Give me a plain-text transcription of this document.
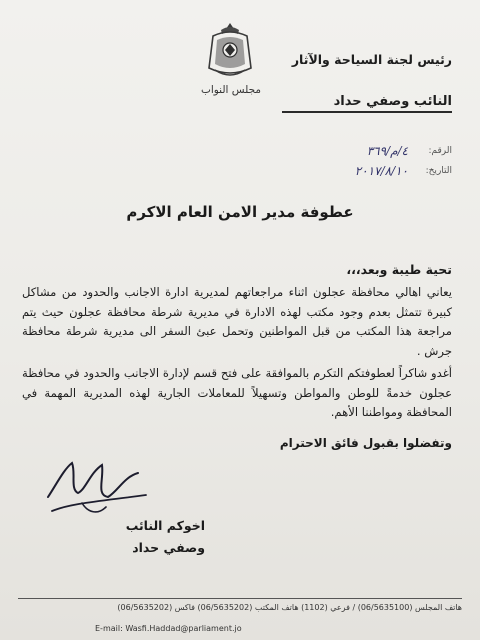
رئيس لجنة السياحة والآثار
النائب وصفي حداد
مجلس النواب
الرقم:
٤/م/٣٦٩
التاريخ:
٢٠١٧/٨/١٠
عطوفة مدير الامن العام الاكرم
تحية طيبة وبعد،،،
يعاني اهالي محافظة عجلون اثناء مراجعاتهم لمديرية ادارة الاجانب والحدود من مشاكل كبيرة تتمثل بعدم وجود مكتب لهذه الادارة في مديرية شرطة محافظة عجلون حيث يتم مراجعة هذا المكتب من قبل المواطنين وتحمل عبئ السفر الى مديرية شرطة محافظة جرش .
أغدو شاكراً لعطوفتكم التكرم بالموافقة على فتح قسم لإدارة الاجانب والحدود في محافظة عجلون خدمةً للوطن والمواطن وتسهيلاً للمعاملات الجارية لهذه المديرية المهمة في المحافظة ومواطننا الأهم.
وتفضلوا بقبول فائق الاحترام
اخوكم النائب
وصفي حداد
هاتف المجلس (06/5635100) / فرعي (1102) هاتف المكتب (06/5635202) فاكس (06/5635202)
E-mail: Wasfi.Haddad@parliament.jo
